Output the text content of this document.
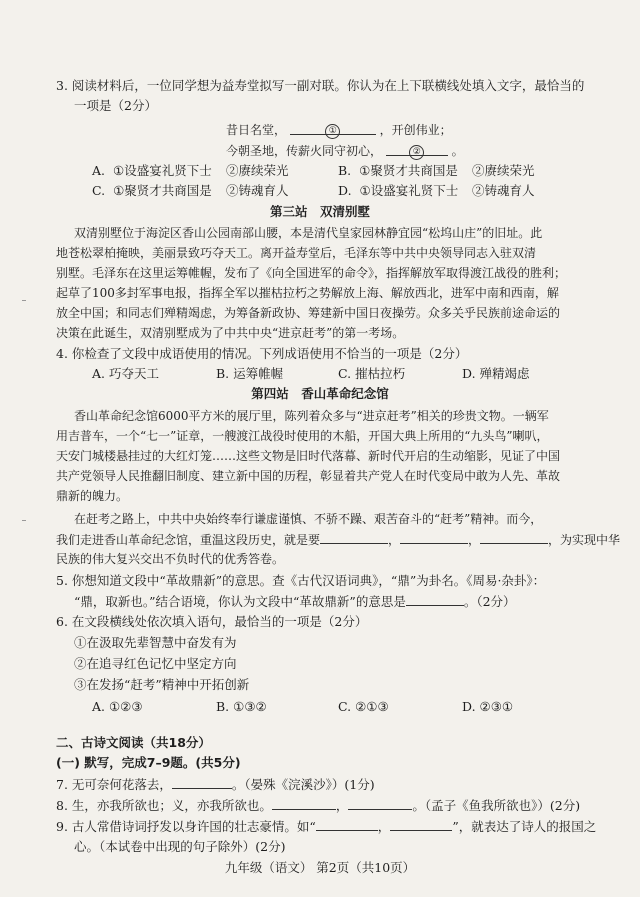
3. 阅读材料后，一位同学想为益寿堂拟写一副对联。你认为在上下联横线处填入文字，最恰当的
一项是（2分）
昔日名堂，	①	，开创伟业；
今朝圣地，传薪火同守初心，	②	。
A. ①设盛宴礼贤下士 ②赓续荣光	B. ①聚贤才共商国是 ②赓续荣光
C. ①聚贤才共商国是 ②铸魂育人	D. ①设盛宴礼贤下士 ②铸魂育人
第三站　双清别墅
双清别墅位于海淀区香山公园南部山腰，本是清代皇家园林静宜园“松坞山庄”的旧址。此
地苍松翠柏掩映，美丽景致巧夺天工。离开益寿堂后，毛泽东等中共中央领导同志入驻双清
别墅。毛泽东在这里运筹帷幄，发布了《向全国进军的命令》，指挥解放军取得渡江战役的胜利；
起草了100多封军事电报，指挥全军以摧枯拉朽之势解放上海、解放西北，进军中南和西南，解
放全中国；和同志们殚精竭虑，为筹备新政协、筹建新中国日夜操劳。众多关乎民族前途命运的
决策在此诞生，双清别墅成为了中共中央“进京赶考”的第一考场。
4. 你检查了文段中成语使用的情况。下列成语使用不恰当的一项是（2分）
A. 巧夺天工	B. 运筹帷幄	C. 摧枯拉朽	D. 殚精竭虑
第四站　香山革命纪念馆
香山革命纪念馆6000平方米的展厅里，陈列着众多与“进京赶考”相关的珍贵文物。一辆军
用吉普车，一个“七一”证章，一艘渡江战役时使用的木船，开国大典上所用的“九头鸟”喇叭，
天安门城楼悬挂过的大红灯笼……这些文物是旧时代落幕、新时代开启的生动缩影，见证了中国
共产党领导人民推翻旧制度、建立新中国的历程，彰显着共产党人在时代变局中敢为人先、革故
鼎新的魄力。
在赶考之路上，中共中央始终奉行谦虚谨慎、不骄不躁、艰苦奋斗的“赶考”精神。而今，
我们走进香山革命纪念馆，重温这段历史，就是要	，	，	，为实现中华
民族的伟大复兴交出不负时代的优秀答卷。
5. 你想知道文段中“革故鼎新”的意思。查《古代汉语词典》，“鼎”为卦名。《周易·杂卦》：
“鼎，取新也。”结合语境，你认为文段中“革故鼎新”的意思是	。（2分）
6. 在文段横线处依次填入语句，最恰当的一项是（2分）
①在汲取先辈智慧中奋发有为
②在追寻红色记忆中坚定方向
③在发扬“赶考”精神中开拓创新
A. ①②③	B. ①③②	C. ②①③	D. ②③①
二、古诗文阅读（共18分）
(一) 默写，完成7–9题。(共5分)
7. 无可奈何花落去，	。（晏殊《浣溪沙》）(1分)
8. 生，亦我所欲也；义，亦我所欲也。	，	。（孟子《鱼我所欲也》）(2分)
9. 古人常借诗词抒发以身许国的壮志豪情。如“	，	”，就表达了诗人的报国之
心。（本试卷中出现的句子除外）(2分)
九年级（语文） 第2页（共10页）
